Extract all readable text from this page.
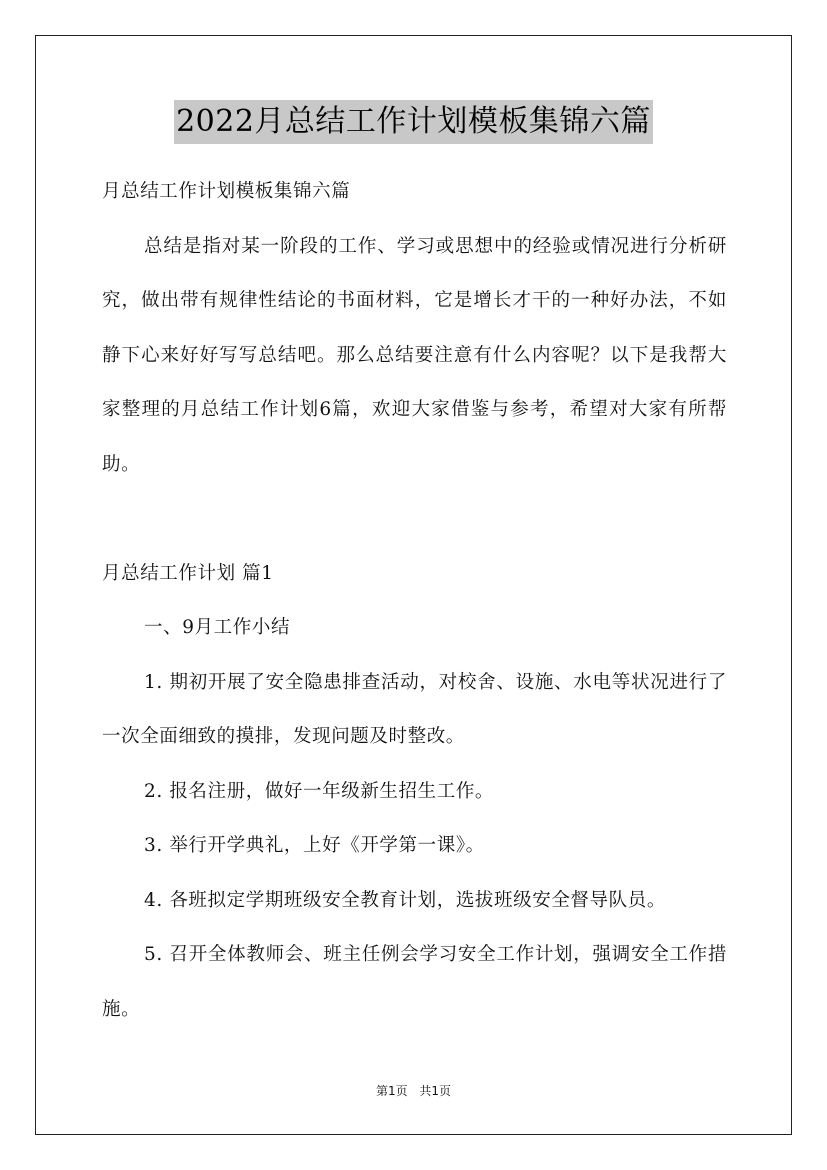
2022月总结工作计划模板集锦六篇

月总结工作计划模板集锦六篇

总结是指对某一阶段的工作、学习或思想中的经验或情况进行分析研究，做出带有规律性结论的书面材料，它是增长才干的一种好办法，不如静下心来好好写写总结吧。那么总结要注意有什么内容呢？以下是我帮大家整理的月总结工作计划6篇，欢迎大家借鉴与参考，希望对大家有所帮助。

月总结工作计划 篇1

一、9月工作小结

1. 期初开展了安全隐患排查活动，对校舍、设施、水电等状况进行了一次全面细致的摸排，发现问题及时整改。

2. 报名注册，做好一年级新生招生工作。

3. 举行开学典礼，上好《开学第一课》。

4. 各班拟定学期班级安全教育计划，选拔班级安全督导队员。

5. 召开全体教师会、班主任例会学习安全工作计划，强调安全工作措施。

第1页 共1页
